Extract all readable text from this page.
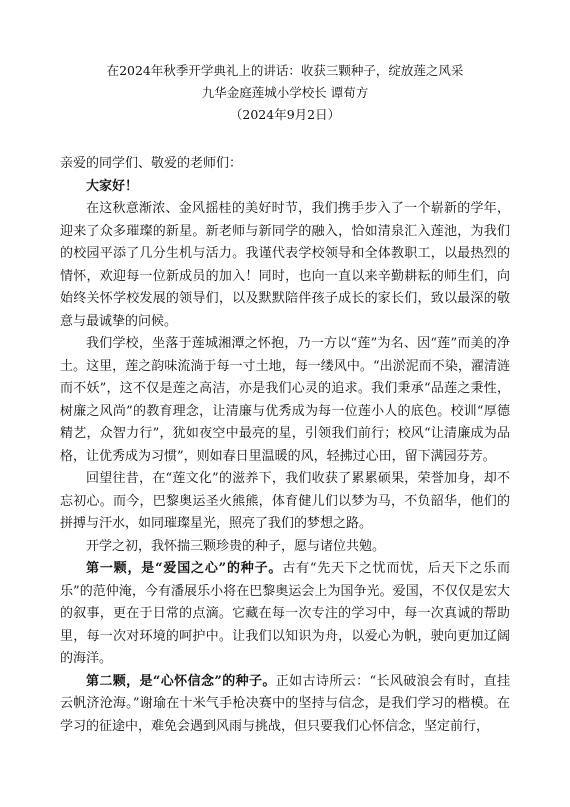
在2024年秋季开学典礼上的讲话：收获三颗种子，绽放莲之风采
九华金庭莲城小学校长 谭荀方
（2024年9月2日）

亲爱的同学们、敬爱的老师们：

大家好！

在这秋意渐浓、金风摇桂的美好时节，我们携手步入了一个崭新的学年，迎来了众多璀璨的新星。新老师与新同学的融入，恰如清泉汇入莲池，为我们的校园平添了几分生机与活力。我谨代表学校领导和全体教职工，以最热烈的情怀，欢迎每一位新成员的加入！同时，也向一直以来辛勤耕耘的师生们，向始终关怀学校发展的领导们，以及默默陪伴孩子成长的家长们，致以最深的敬意与最诚挚的问候。

我们学校，坐落于莲城湘潭之怀抱，乃一方以“莲”为名、因“莲”而美的净土。这里，莲之韵味流淌于每一寸土地，每一缕风中。“出淤泥而不染，濯清涟而不妖”，这不仅是莲之高洁，亦是我们心灵的追求。我们秉承“品莲之秉性，树廉之风尚”的教育理念，让清廉与优秀成为每一位莲小人的底色。校训“厚德精艺，众智力行”，犹如夜空中最亮的星，引领我们前行；校风“让清廉成为品格，让优秀成为习惯”，则如春日里温暖的风，轻拂过心田，留下满园芬芳。

回望往昔，在“莲文化”的滋养下，我们收获了累累硕果，荣誉加身，却不忘初心。而今，巴黎奥运圣火熊熊，体育健儿们以梦为马，不负韶华，他们的拼搏与汗水，如同璀璨星光，照亮了我们的梦想之路。

开学之初，我怀揣三颗珍贵的种子，愿与诸位共勉。

第一颗，是“爱国之心”的种子。古有“先天下之忧而忧，后天下之乐而乐”的范仲淹，今有潘展乐小将在巴黎奥运会上为国争光。爱国，不仅仅是宏大的叙事，更在于日常的点滴。它藏在每一次专注的学习中，每一次真诚的帮助里，每一次对环境的呵护中。让我们以知识为舟，以爱心为帆，驶向更加辽阔的海洋。

第二颗，是“心怀信念”的种子。正如古诗所云：“长风破浪会有时，直挂云帆济沧海。”谢瑜在十米气手枪决赛中的坚持与信念，是我们学习的楷模。在学习的征途中，难免会遇到风雨与挑战，但只要我们心怀信念，坚定前行，
